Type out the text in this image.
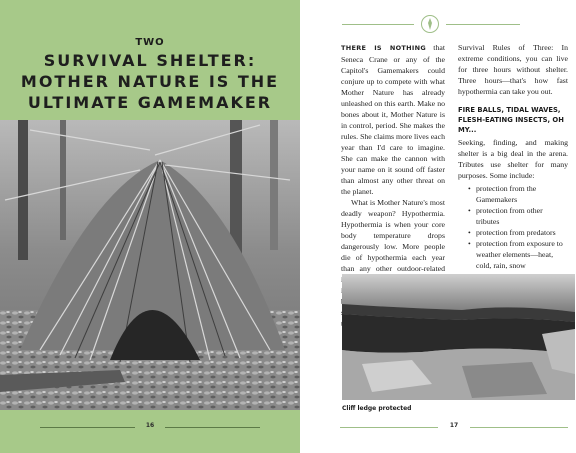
TWO
SURVIVAL SHELTER:
MOTHER NATURE IS THE
ULTIMATE GAMEMAKER
16

THERE IS NOTHING that Seneca Crane or any of the Capitol's Gamemakers could conjure up to compete with what Mother Nature has already unleashed on this earth. Make no bones about it, Mother Nature is in control, period. She makes the rules. She claims more lives each year than I'd care to imagine. She can make the cannon with your name on it sound off faster than almost any other threat on the planet.

What is Mother Nature's most deadly weapon? Hypothermia. Hypothermia is when your core body temperature drops dangerously low. More people die of hypothermia each year than any other outdoor-related

Survival Rules of Three: In extreme conditions, you can live for three hours without shelter. Three hours—that's how fast hypothermia can take you out.

FIRE BALLS, TIDAL WAVES, FLESH-EATING INSECTS, OH MY...

Seeking, finding, and making shelter is a big deal in the arena. Tributes use shelter for many purposes. Some include:

• protection from the Gamemakers
• protection from other tributes
• protection from predators
• protection from exposure to weather elements—heat, cold, rain, snow

Cliff ledge protected
17
